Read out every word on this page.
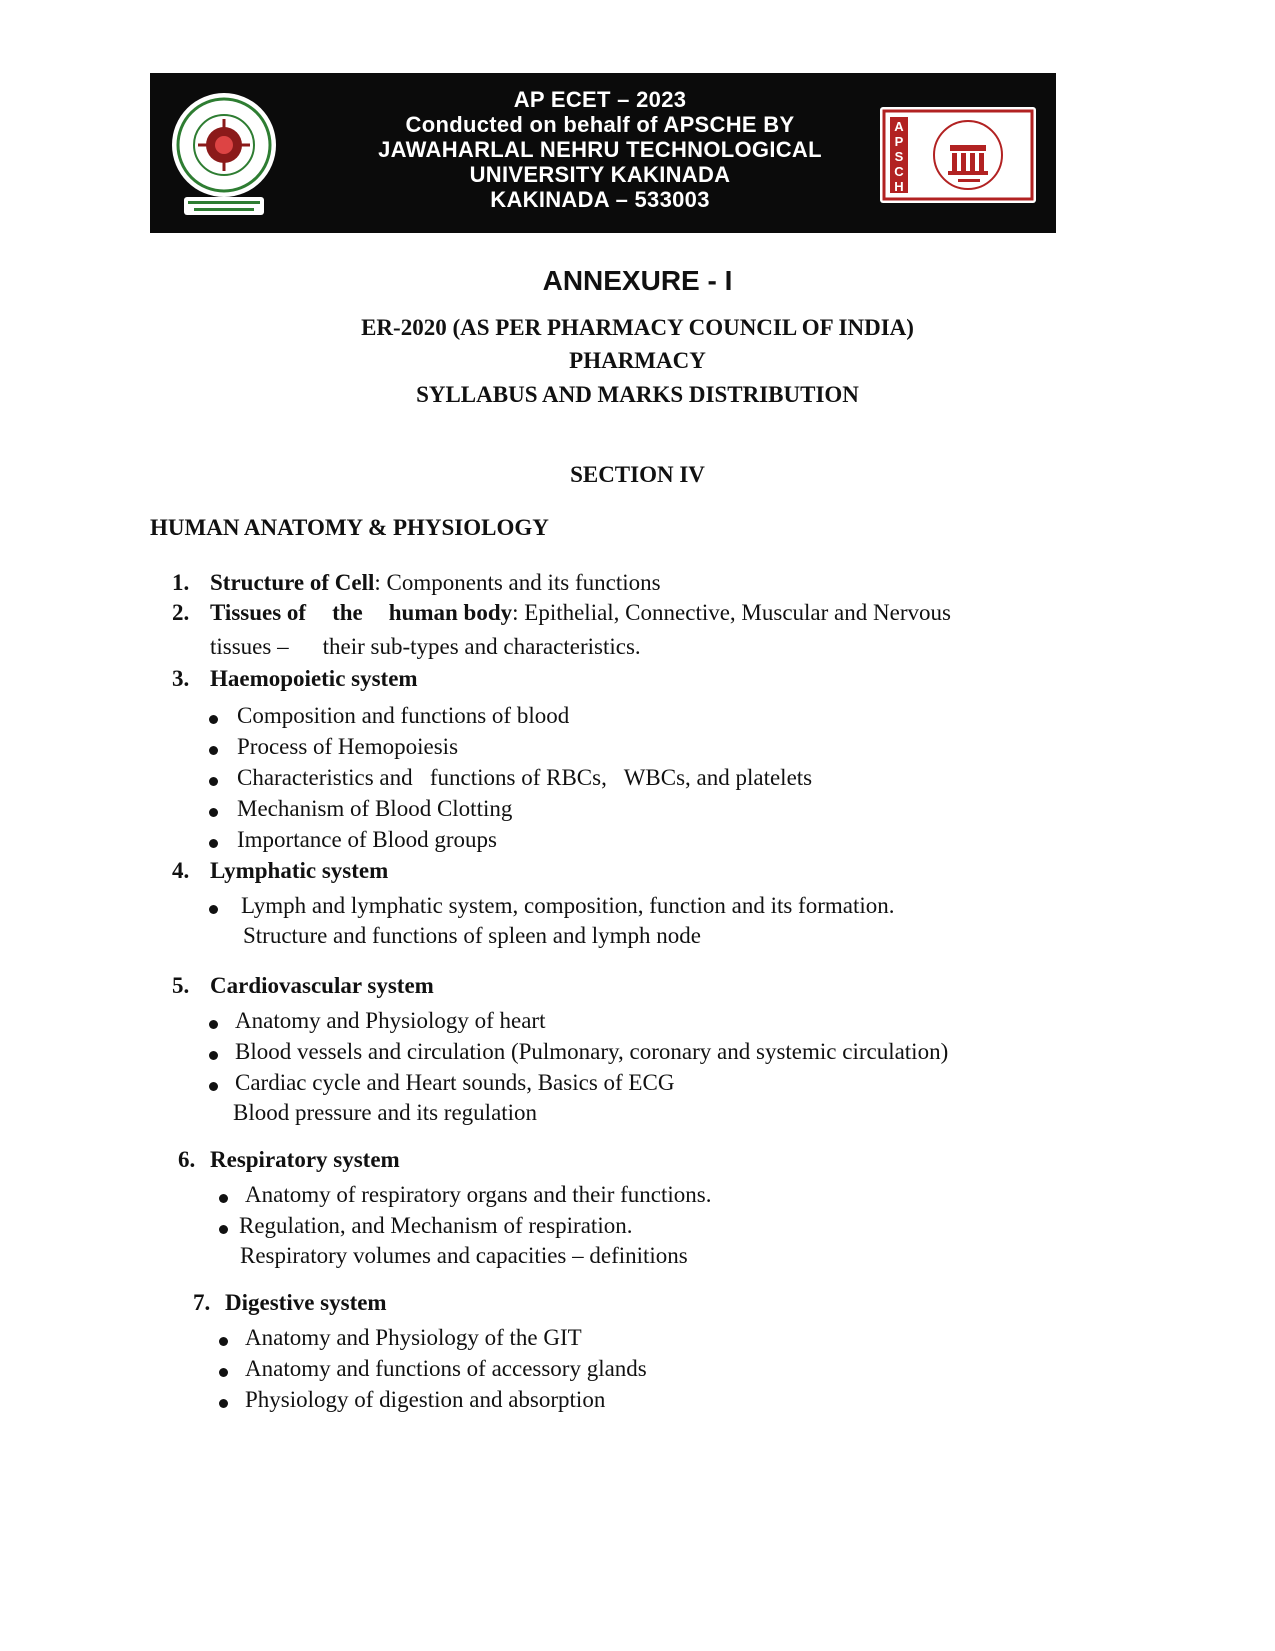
AP ECET – 2023
Conducted on behalf of APSCHE BY
JAWAHARLAL NEHRU TECHNOLOGICAL
UNIVERSITY KAKINADA
KAKINADA – 533003
A
P
S
C
H
ANNEXURE - I
ER-2020 (AS PER PHARMACY COUNCIL OF INDIA)
PHARMACY
SYLLABUS AND MARKS DISTRIBUTION
SECTION IV
HUMAN ANATOMY & PHYSIOLOGY
1. Structure of Cell: Components and its functions
2. Tissues of the human body: Epithelial, Connective, Muscular and Nervous
tissues – their sub-types and characteristics.
3. Haemopoietic system
Composition and functions of blood
Process of Hemopoiesis
Characteristics and   functions of RBCs,   WBCs, and platelets
Mechanism of Blood Clotting
Importance of Blood groups
4. Lymphatic system
Lymph and lymphatic system, composition, function and its formation.
Structure and functions of spleen and lymph node
5. Cardiovascular system
Anatomy and Physiology of heart
Blood vessels and circulation (Pulmonary, coronary and systemic circulation)
Cardiac cycle and Heart sounds, Basics of ECG
Blood pressure and its regulation
6. Respiratory system
Anatomy of respiratory organs and their functions.
Regulation, and Mechanism of respiration.
Respiratory volumes and capacities – definitions
7. Digestive system
Anatomy and Physiology of the GIT
Anatomy and functions of accessory glands
Physiology of digestion and absorption
